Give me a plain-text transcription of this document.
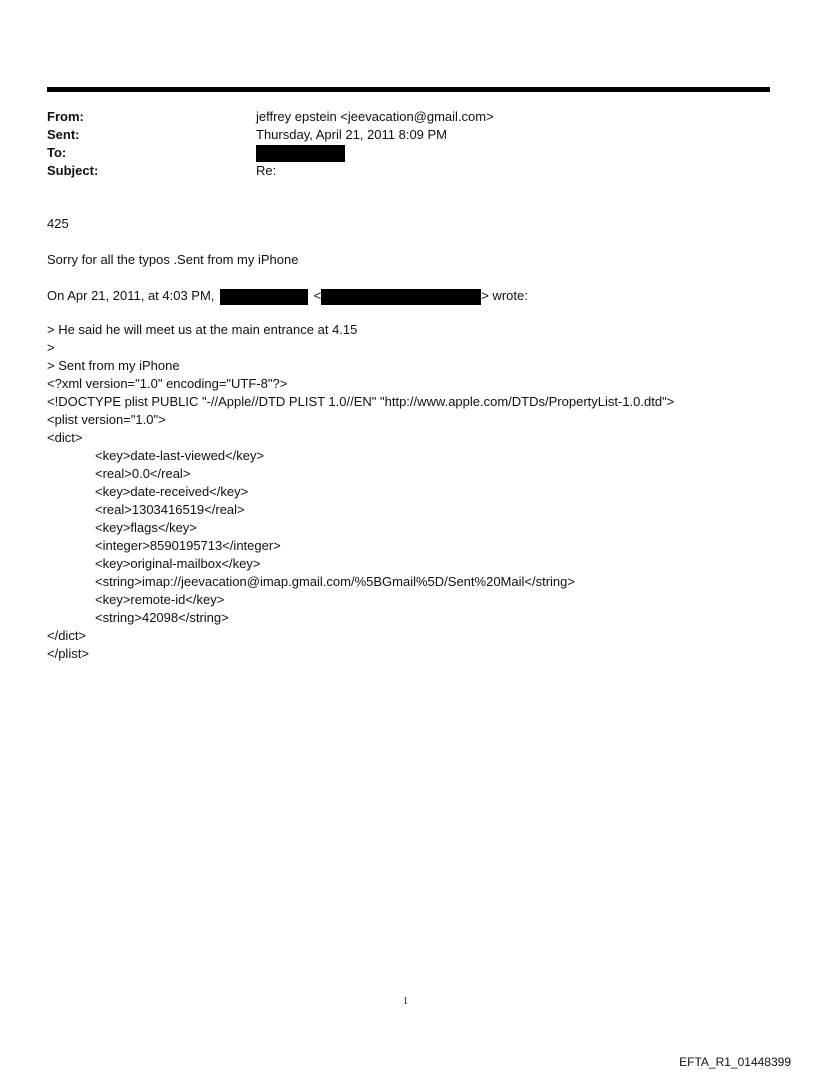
From:	jeffrey epstein <jeevacation@gmail.com>
Sent:	Thursday, April 21, 2011 8:09 PM
To:
Subject:	Re:

425

Sorry for all the typos .Sent from my iPhone

On Apr 21, 2011, at 4:03 PM,	<	> wrote:

> He said he will meet us at the main entrance at 4.15

>

> Sent from my iPhone

<?xml version="1.0" encoding="UTF-8"?>

<!DOCTYPE plist PUBLIC "-//Apple//DTD PLIST 1.0//EN" "http://www.apple.com/DTDs/PropertyList-1.0.dtd">

<plist version="1.0">

<dict>

<key>date-last-viewed</key>

<real>0.0</real>

<key>date-received</key>

<real>1303416519</real>

<key>flags</key>

<integer>8590195713</integer>

<key>original-mailbox</key>

<string>imap://jeevacation@imap.gmail.com/%5BGmail%5D/Sent%20Mail</string>

<key>remote-id</key>

<string>42098</string>

</dict>

</plist>

1
EFTA_R1_01448399
